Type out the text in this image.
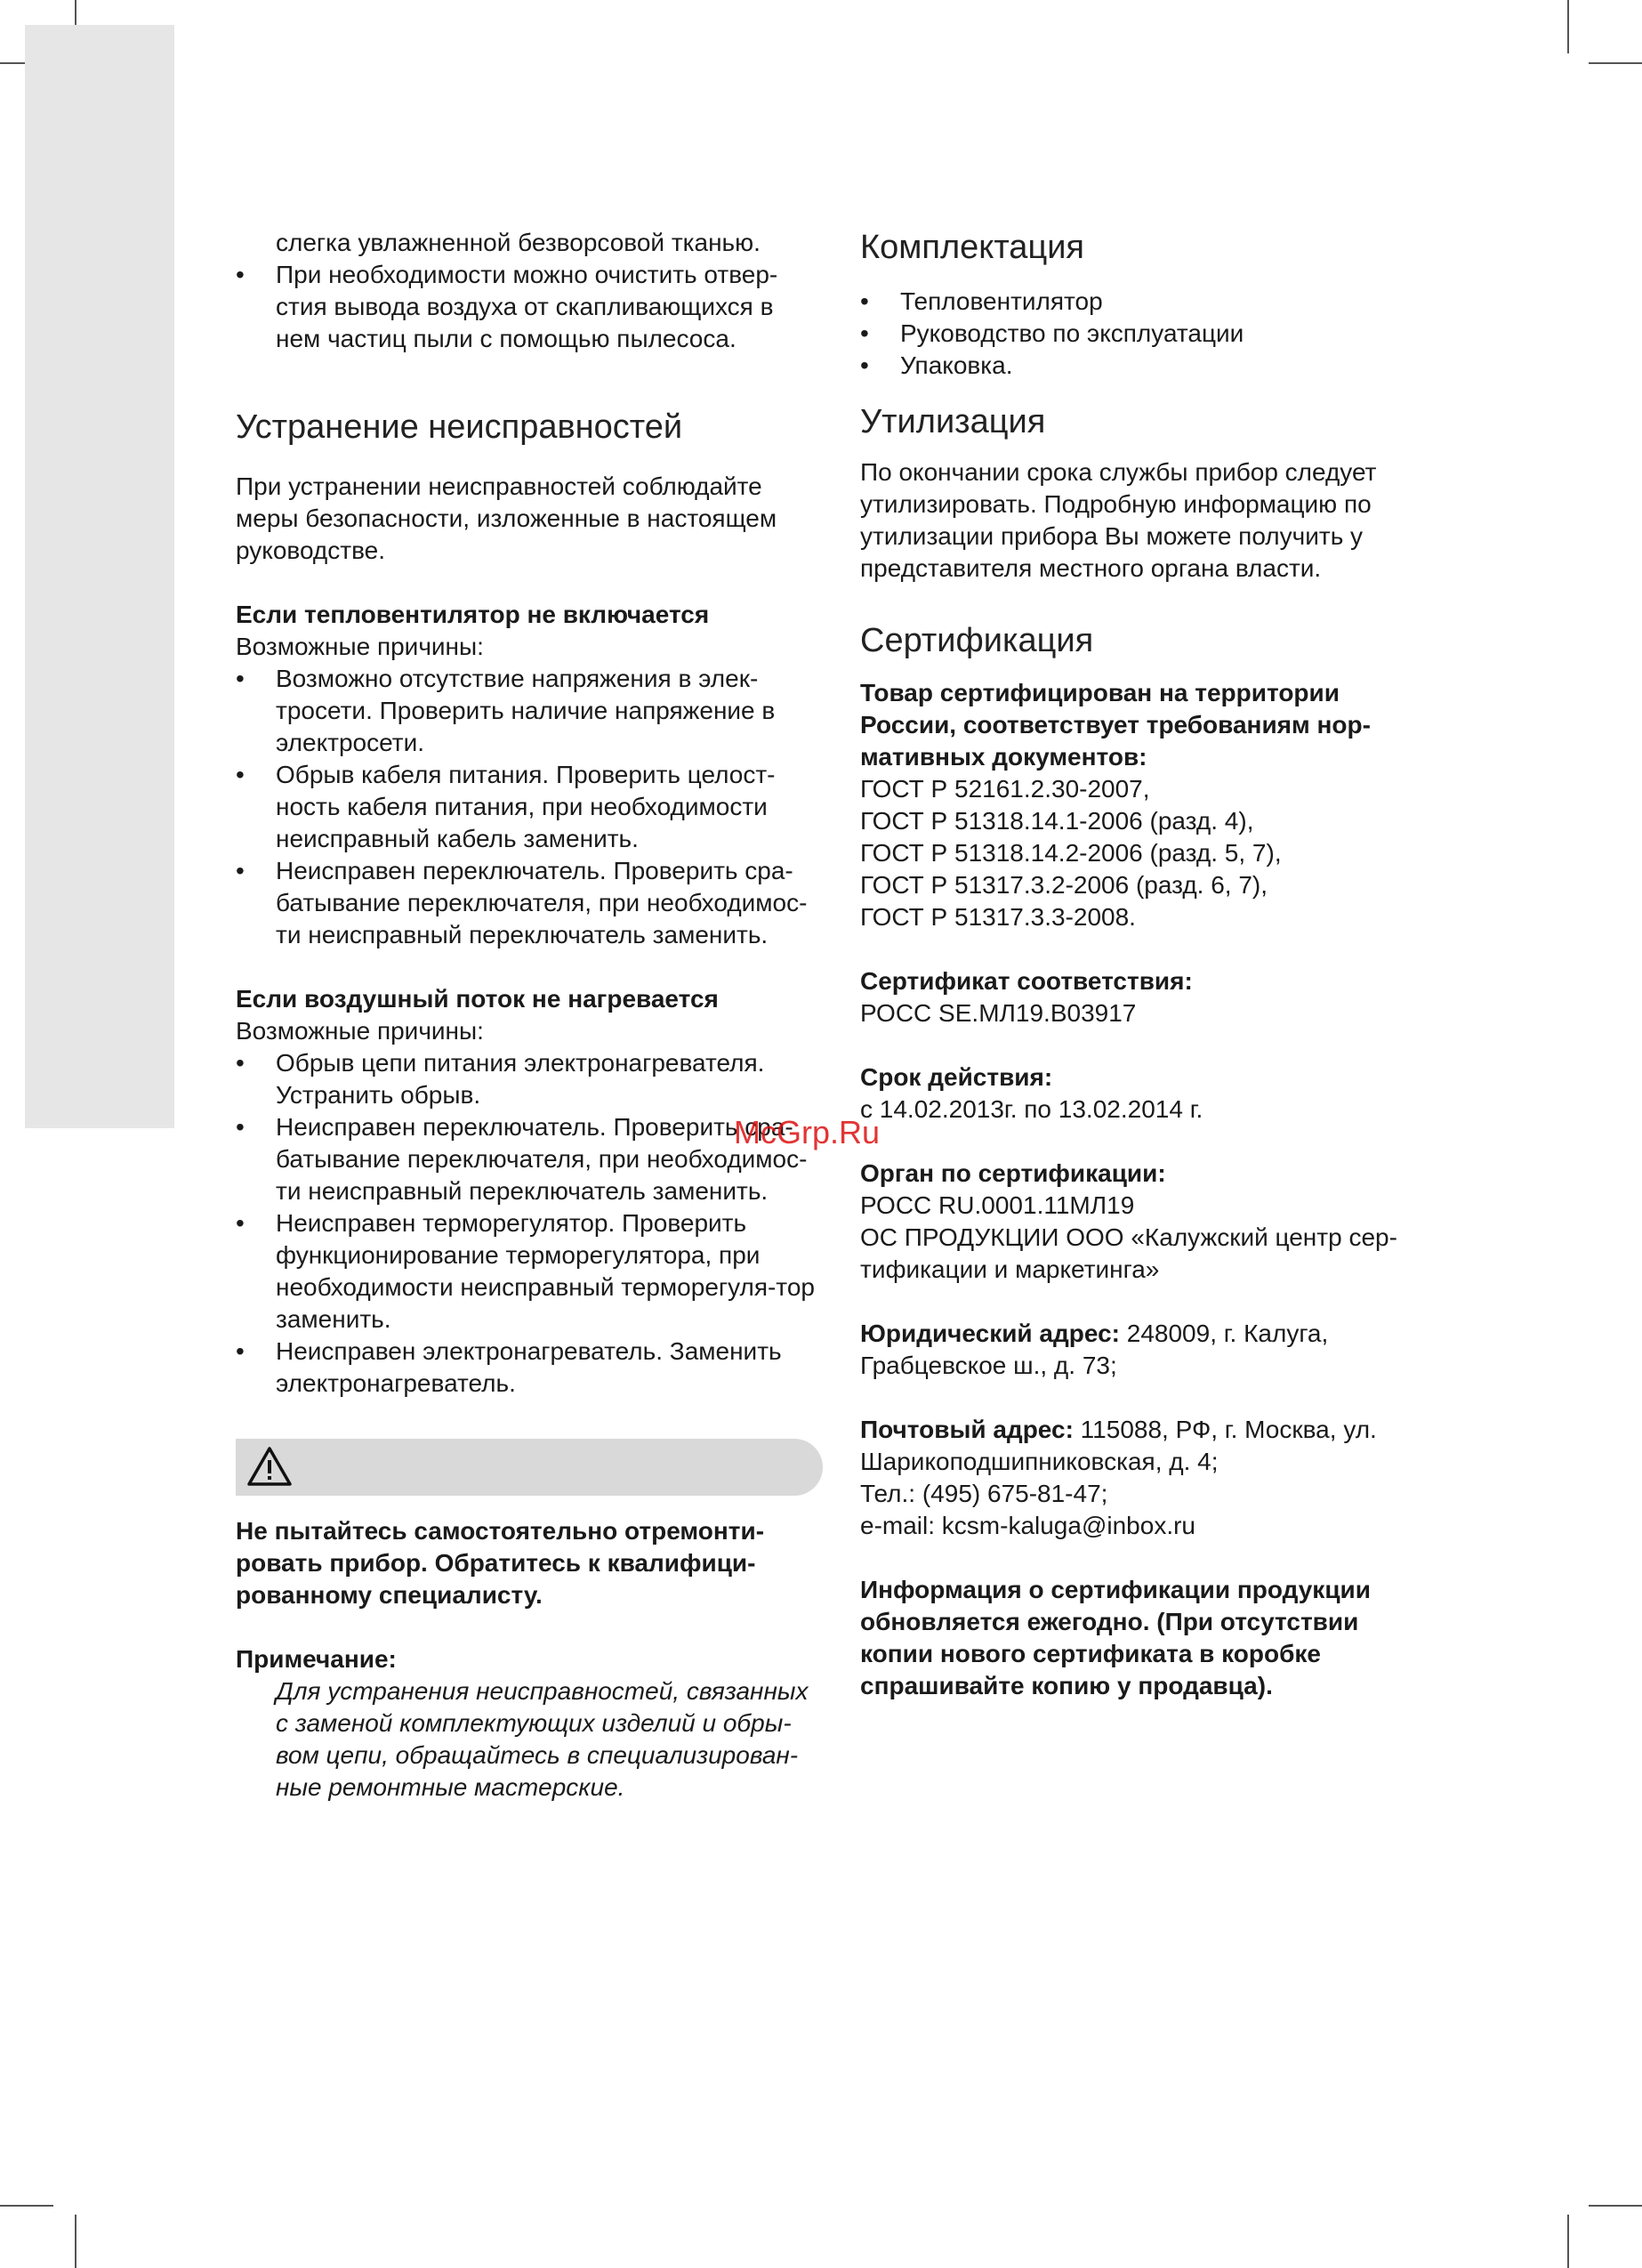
слегка увлажненной безворсовой тканью.

• При необходимости можно очистить отвер-стия вывода воздуха от скапливающихся в нем частиц пыли с помощью пылесоса.
Устранение неисправностей

При устранении неисправностей соблюдайте меры безопасности, изложенные в настоящем руководстве.

Если тепловентилятор не включается

Возможные причины:

• Возможно отсутствие напряжения в элек-тросети. Проверить наличие напряжение в электросети.
• Обрыв кабеля питания. Проверить целост-ность кабеля питания, при необходимости неисправный кабель заменить.
• Неисправен переключатель. Проверить сра-батывание переключателя, при необходимос-ти неисправный переключатель заменить.

Если воздушный поток не нагревается

Возможные причины:

• Обрыв цепи питания электронагревателя. Устранить обрыв.
• Неисправен переключатель. Проверить сра-батывание переключателя, при необходимос-ти неисправный переключатель заменить.
• Неисправен терморегулятор. Проверить функционирование терморегулятора, при необходимости неисправный терморегуля-тор заменить.
• Неисправен электронагреватель. Заменить электронагреватель.

Не пытайтесь самостоятельно отремонти-ровать прибор. Обратитесь к квалифици-рованному специалисту.

Примечание:

Для устранения неисправностей, связанных с заменой комплектующих изделий и обры-вом цепи, обращайтесь в специализирован-ные ремонтные мастерские.

Комплектация
• Тепловентилятор
• Руководство по эксплуатации
• Упаковка.
Утилизация

По окончании срока службы прибор следует утилизировать. Подробную информацию по утилизации прибора Вы можете получить у представителя местного органа власти.

Сертификация

Товар сертифицирован на территории России, соответствует требованиям нор-мативных документов:

ГОСТ Р 52161.2.30-2007,

ГОСТ Р 51318.14.1-2006 (разд. 4),

ГОСТ Р 51318.14.2-2006 (разд. 5, 7),

ГОСТ Р 51317.3.2-2006 (разд. 6, 7),

ГОСТ Р 51317.3.3-2008.

Сертификат соответствия:

РОСС SE.МЛ19.В03917

Срок действия:

с 14.02.2013г. по 13.02.2014 г.

Орган по сертификации:

РОСС RU.0001.11МЛ19

ОС ПРОДУКЦИИ ООО «Калужский центр сер-тификации и маркетинга»

Юридический адрес: 248009, г. Калуга, Грабцевское ш., д. 73;

Почтовый адрес: 115088, РФ, г. Москва, ул. Шарикоподшипниковская, д. 4;

Тел.: (495) 675-81-47;

e-mail: kcsm-kaluga@inbox.ru

Информация о сертификации продукции обновляется ежегодно. (При отсутствии копии нового сертификата в коробке спрашивайте копию у продавца).

McGrp.Ru
